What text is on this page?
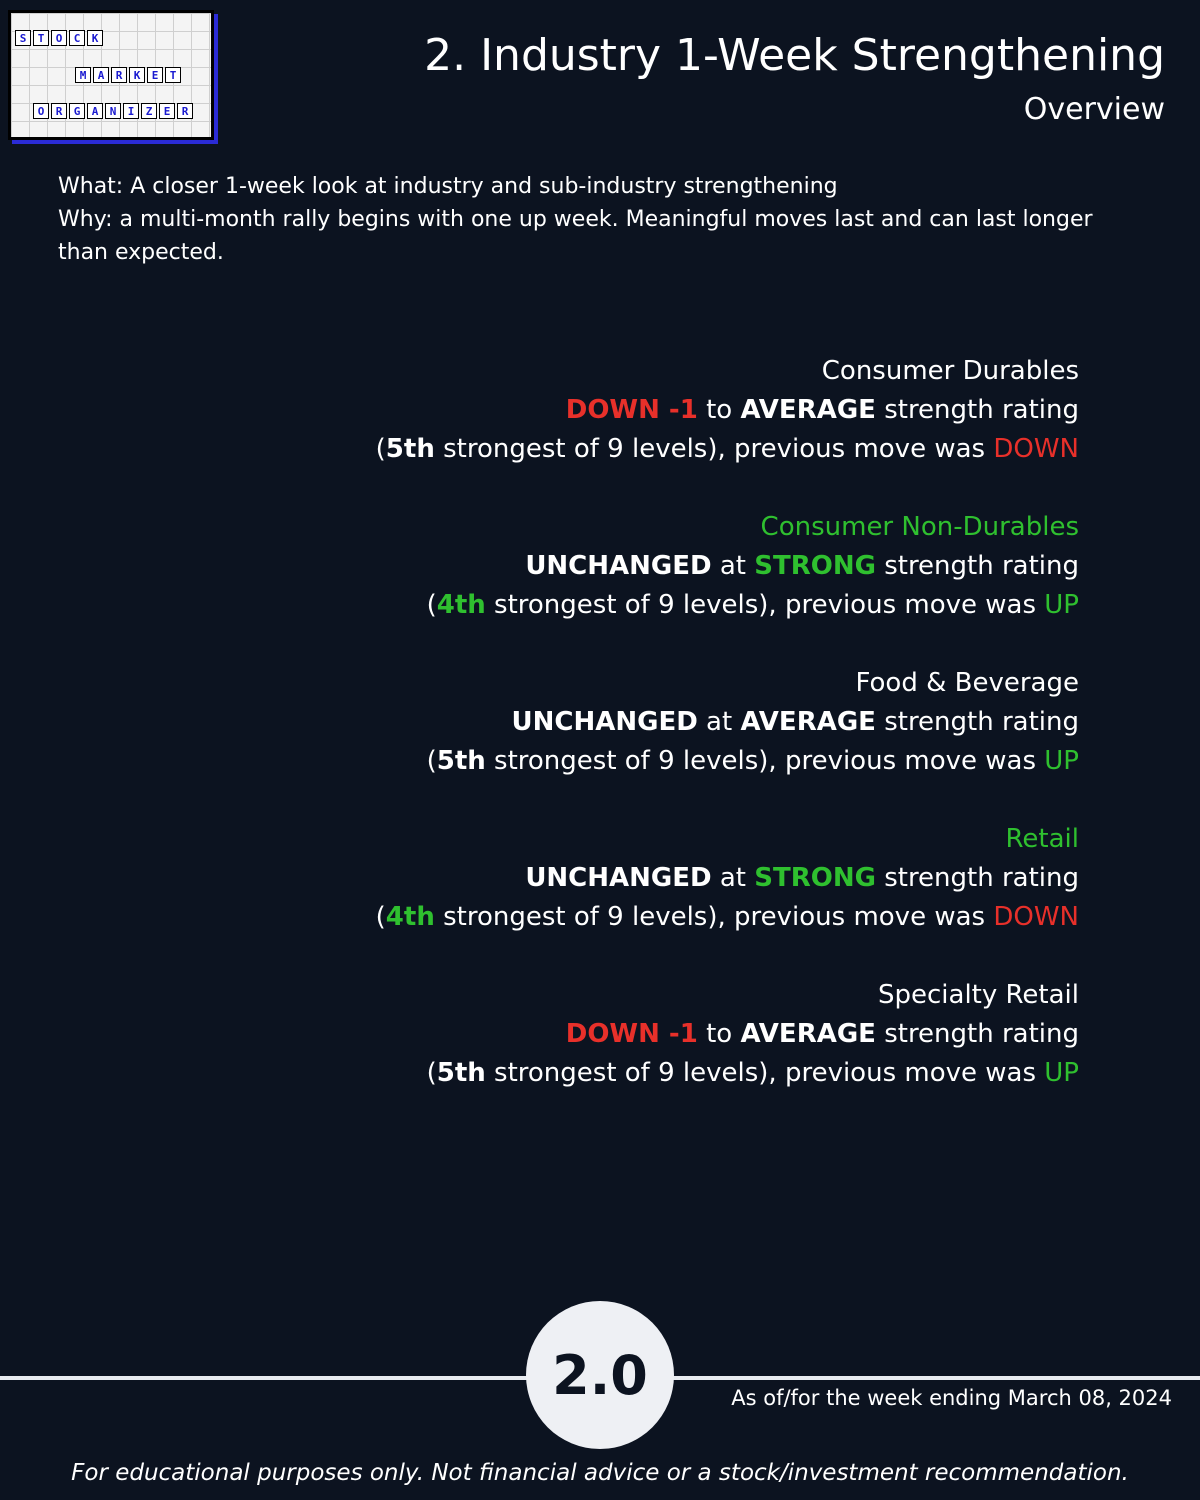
S	T	O	C	K
M	A	R	K	E	T
O	R	G	A	N	I	Z	E	R
2. Industry 1-Week Strengthening
Overview
What: A closer 1-week look at industry and sub-industry strengthening
Why: a multi-month rally begins with one up week. Meaningful moves last and can last longer than expected.
Consumer Durables
DOWN -1 to AVERAGE strength rating
(5th strongest of 9 levels), previous move was DOWN
Consumer Non-Durables
UNCHANGED at STRONG strength rating
(4th strongest of 9 levels), previous move was UP
Food & Beverage
UNCHANGED at AVERAGE strength rating
(5th strongest of 9 levels), previous move was UP
Retail
UNCHANGED at STRONG strength rating
(4th strongest of 9 levels), previous move was DOWN
Specialty Retail
DOWN -1 to AVERAGE strength rating
(5th strongest of 9 levels), previous move was UP
2.0	As of/for the week ending March 08, 2024
For educational purposes only. Not financial advice or a stock/investment recommendation.
